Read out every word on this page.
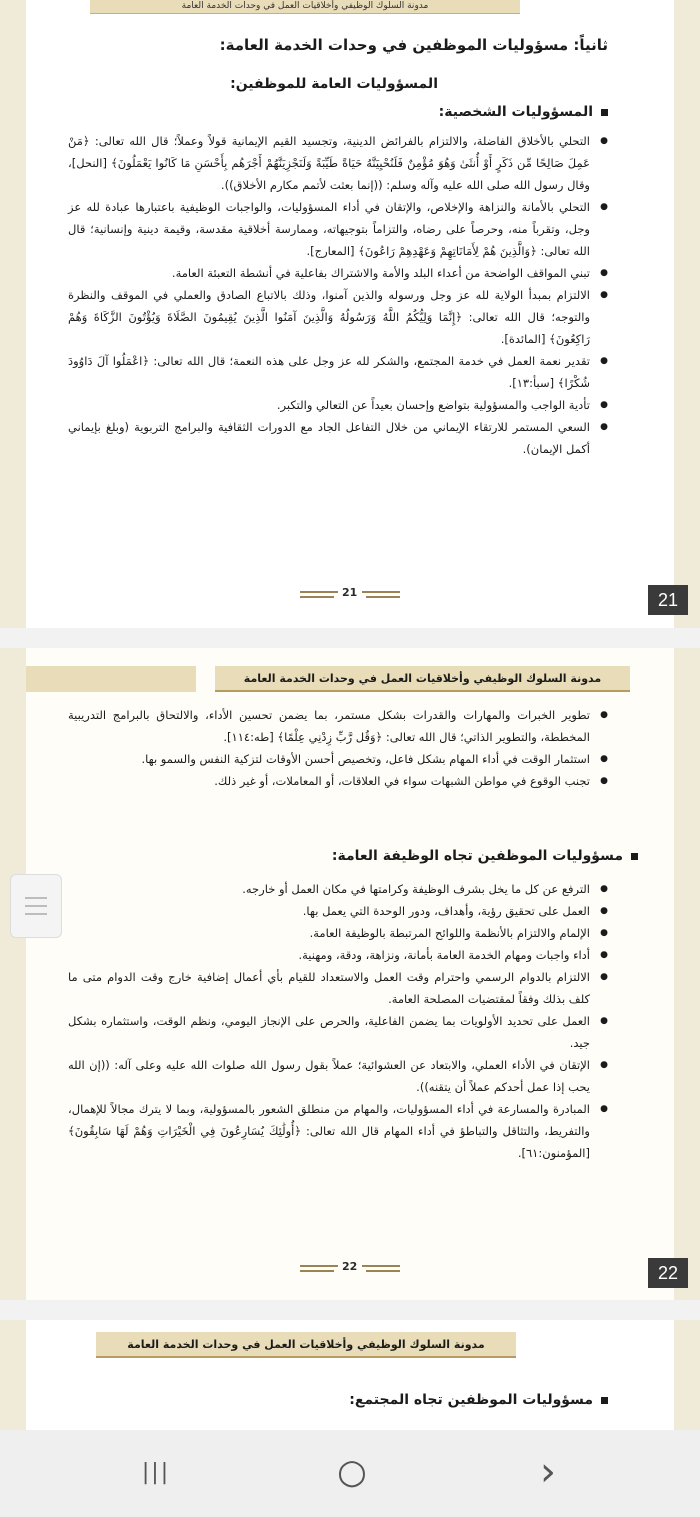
مدونة السلوك الوظيفي وأخلاقيات العمل في وحدات الخدمة العامة
ثانياً: مسؤوليات الموظفين في وحدات الخدمة العامة:
المسؤوليات العامة للموظفين:
المسؤوليات الشخصية:
● التحلي بالأخلاق الفاضلة، والالتزام بالفرائض الدينية، وتجسيد القيم الإيمانية قولاً وعملاً؛ قال الله تعالى: ﴿مَنْ عَمِلَ صَالِحًا مِّن ذَكَرٍ أَوْ أُنثَىٰ وَهُوَ مُؤْمِنٌ فَلَنُحْيِيَنَّهُ حَيَاةً طَيِّبَةً وَلَنَجْزِيَنَّهُمْ أَجْرَهُم بِأَحْسَنِ مَا كَانُوا يَعْمَلُونَ﴾ [النحل]، وقال رسول الله صلى الله عليه وآله وسلم: ((إنما بعثت لأتمم مكارم الأخلاق)).
● التحلي بالأمانة والنزاهة والإخلاص، والإتقان في أداء المسؤوليات، والواجبات الوظيفية باعتبارها عبادة لله عز وجل، وتقرباً منه، وحرصاً على رضاه، والتزاماً بتوجيهاته، وممارسة أخلاقية مقدسة، وقيمة دينية وإنسانية؛ قال الله تعالى: ﴿وَالَّذِينَ هُمْ لِأَمَانَاتِهِمْ وَعَهْدِهِمْ رَاعُونَ﴾ [المعارج].
● تبني المواقف الواضحة من أعداء البلد والأمة والاشتراك بفاعلية في أنشطة التعبئة العامة.
● الالتزام بمبدأ الولاية لله عز وجل ورسوله والذين آمنوا، وذلك بالاتباع الصادق والعملي في الموقف والنظرة والتوجه؛ قال الله تعالى: ﴿إِنَّمَا وَلِيُّكُمُ اللَّهُ وَرَسُولُهُ وَالَّذِينَ آمَنُوا الَّذِينَ يُقِيمُونَ الصَّلَاةَ وَيُؤْتُونَ الزَّكَاةَ وَهُمْ رَاكِعُونَ﴾ [المائدة].
● تقدير نعمة العمل في خدمة المجتمع، والشكر لله عز وجل على هذه النعمة؛ قال الله تعالى: ﴿اعْمَلُوا آلَ دَاوُودَ شُكْرًا﴾ [سبأ:١٣].
● تأدية الواجب والمسؤولية بتواضع وإحسان بعيداً عن التعالي والتكبر.
● السعي المستمر للارتقاء الإيماني من خلال التفاعل الجاد مع الدورات الثقافية والبرامج التربوية (وبلغ بإيماني أكمل الإيمان).
21	21
مدونة السلوك الوظيفي وأخلاقيات العمل في وحدات الخدمة العامة
● تطوير الخبرات والمهارات والقدرات بشكل مستمر، بما يضمن تحسين الأداء، والالتحاق بالبرامج التدريبية المخططة، والتطوير الذاتي؛ قال الله تعالى: ﴿وَقُل رَّبِّ زِدْنِي عِلْمًا﴾ [طه:١١٤].
● استثمار الوقت في أداء المهام بشكل فاعل، وتخصيص أحسن الأوقات لتزكية النفس والسمو بها.
● تجنب الوقوع في مواطن الشبهات سواء في العلاقات، أو المعاملات، أو غير ذلك.
مسؤوليات الموظفين تجاه الوظيفة العامة:
● الترفع عن كل ما يخل بشرف الوظيفة وكرامتها في مكان العمل أو خارجه.
● العمل على تحقيق رؤية، وأهداف، ودور الوحدة التي يعمل بها.
● الإلمام والالتزام بالأنظمة واللوائح المرتبطة بالوظيفة العامة.
● أداء واجبات ومهام الخدمة العامة بأمانة، ونزاهة، ودقة، ومهنية.
● الالتزام بالدوام الرسمي واحترام وقت العمل والاستعداد للقيام بأي أعمال إضافية خارج وقت الدوام متى ما كلف بذلك وفقاً لمقتضيات المصلحة العامة.
● العمل على تحديد الأولويات بما يضمن الفاعلية، والحرص على الإنجاز اليومي، ونظم الوقت، واستثماره بشكل جيد.
● الإتقان في الأداء العملي، والابتعاد عن العشوائية؛ عملاً بقول رسول الله صلوات الله عليه وعلى آله: ((إن الله يحب إذا عمل أحدكم عملاً أن يتقنه)).
● المبادرة والمسارعة في أداء المسؤوليات، والمهام من منطلق الشعور بالمسؤولية، وبما لا يترك مجالاً للإهمال، والتفريط، والتثاقل والتباطؤ في أداء المهام قال الله تعالى: ﴿أُولَٰئِكَ يُسَارِعُونَ فِي الْخَيْرَاتِ وَهُمْ لَهَا سَابِقُونَ﴾ [المؤمنون:٦١].
22	22
مدونة السلوك الوظيفي وأخلاقيات العمل في وحدات الخدمة العامة
مسؤوليات الموظفين تجاه المجتمع:
|||	○	‹
